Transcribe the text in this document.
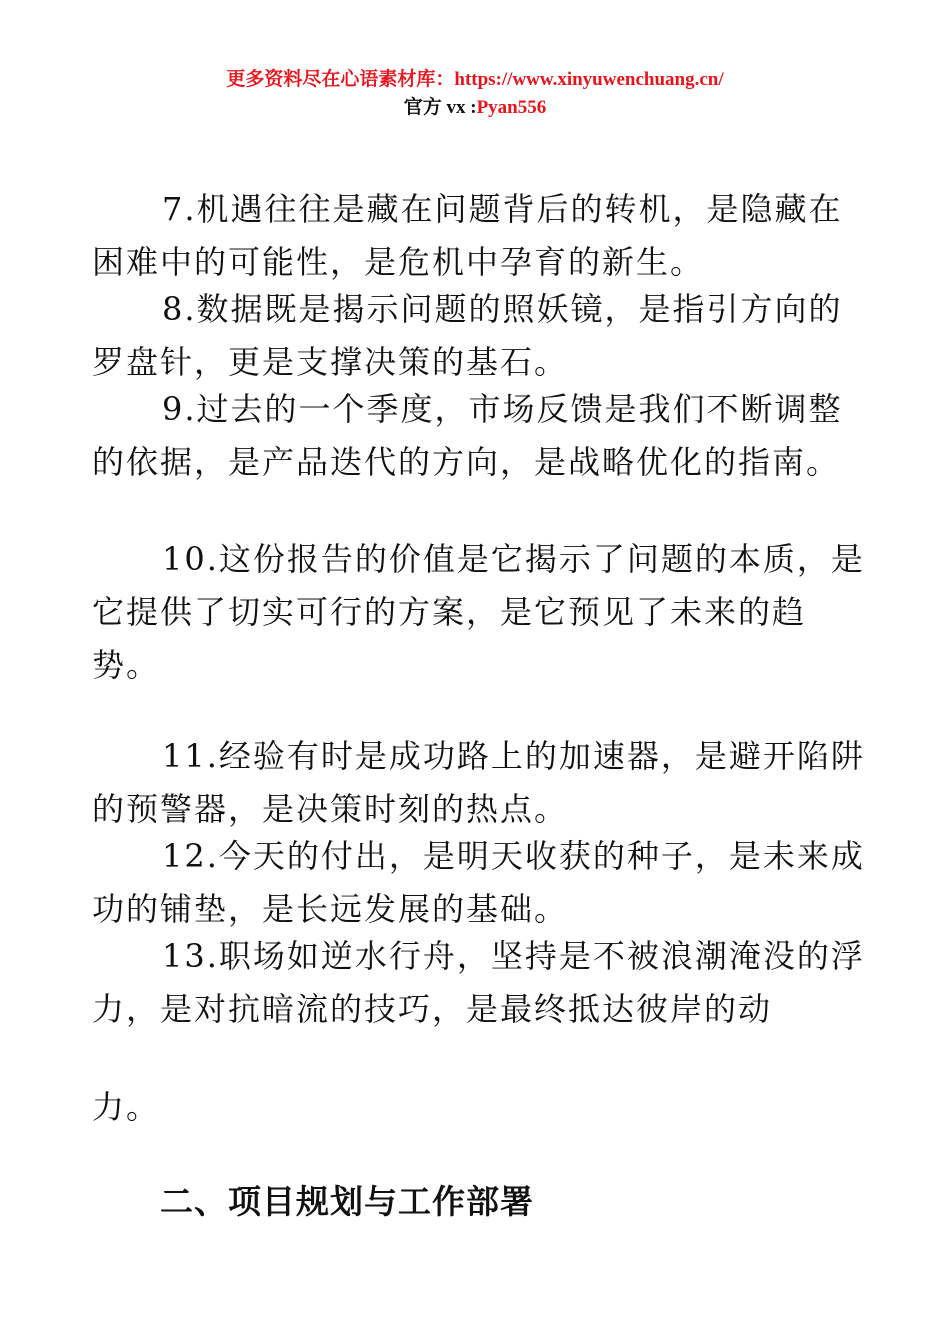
更多资料尽在心语素材库：https://www.xinyuwenchuang.cn/
官方 vx :Pyan556

7.机遇往往是藏在问题背后的转机，是隐藏在困难中的可能性，是危机中孕育的新生。

8.数据既是揭示问题的照妖镜，是指引方向的罗盘针，更是支撑决策的基石。

9.过去的一个季度，市场反馈是我们不断调整的依据，是产品迭代的方向，是战略优化的指南。

10.这份报告的价值是它揭示了问题的本质，是它提供了切实可行的方案，是它预见了未来的趋势。

11.经验有时是成功路上的加速器，是避开陷阱的预警器，是决策时刻的热点。

12.今天的付出，是明天收获的种子，是未来成功的铺垫，是长远发展的基础。

13.职场如逆水行舟，坚持是不被浪潮淹没的浮力，是对抗暗流的技巧，是最终抵达彼岸的动

力。
二、项目规划与工作部署
